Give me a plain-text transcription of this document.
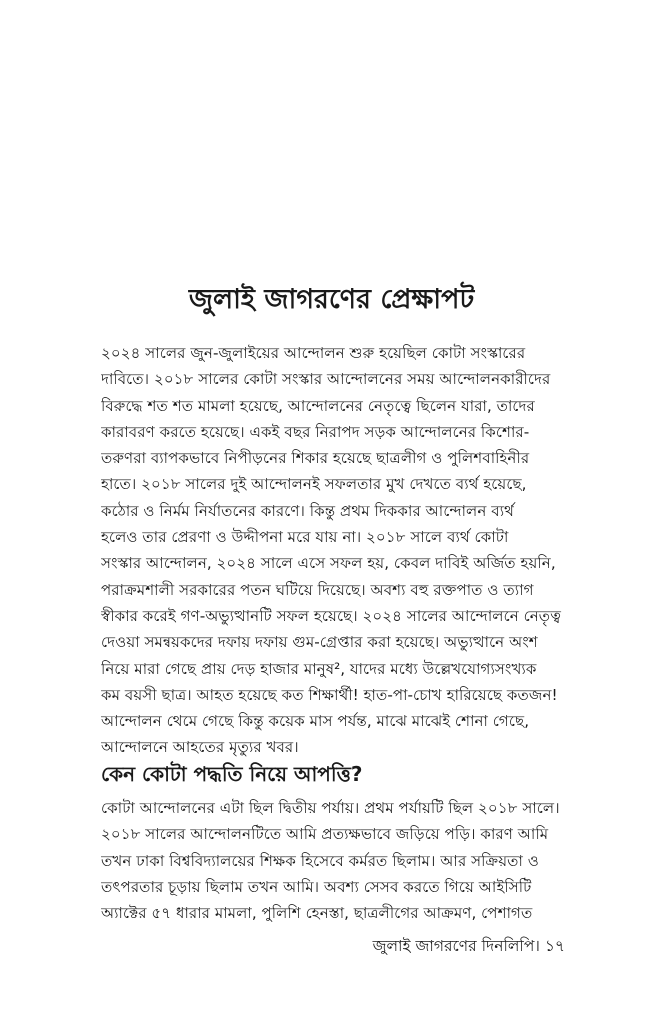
জুলাই জাগরণের প্রেক্ষাপট
২০২৪ সালের জুন-জুলাইয়ের আন্দোলন শুরু হয়েছিল কোটা সংস্কারের
দাবিতে। ২০১৮ সালের কোটা সংস্কার আন্দোলনের সময় আন্দোলনকারীদের
বিরুদ্ধে শত শত মামলা হয়েছে, আন্দোলনের নেতৃত্বে ছিলেন যারা, তাদের
কারাবরণ করতে হয়েছে। একই বছর নিরাপদ সড়ক আন্দোলনের কিশোর-
তরুণরা ব্যাপকভাবে নিপীড়নের শিকার হয়েছে ছাত্রলীগ ও পুলিশবাহিনীর
হাতে। ২০১৮ সালের দুই আন্দোলনই সফলতার মুখ দেখতে ব্যর্থ হয়েছে,
কঠোর ও নির্মম নির্যাতনের কারণে। কিন্তু প্রথম দিককার আন্দোলন ব্যর্থ
হলেও তার প্রেরণা ও উদ্দীপনা মরে যায় না। ২০১৮ সালে ব্যর্থ কোটা
সংস্কার আন্দোলন, ২০২৪ সালে এসে সফল হয়, কেবল দাবিই অর্জিত হয়নি,
পরাক্রমশালী সরকারের পতন ঘটিয়ে দিয়েছে। অবশ্য বহু রক্তপাত ও ত্যাগ
স্বীকার করেই গণ-অভ্যুত্থানটি সফল হয়েছে। ২০২৪ সালের আন্দোলনে নেতৃত্ব
দেওয়া সমন্বয়কদের দফায় দফায় গুম-গ্রেপ্তার করা হয়েছে। অভ্যুত্থানে অংশ
নিয়ে মারা গেছে প্রায় দেড় হাজার মানুষ², যাদের মধ্যে উল্লেখযোগ্যসংখ্যক
কম বয়সী ছাত্র। আহত হয়েছে কত শিক্ষার্থী! হাত-পা-চোখ হারিয়েছে কতজন!
আন্দোলন থেমে গেছে কিন্তু কয়েক মাস পর্যন্ত, মাঝে মাঝেই শোনা গেছে,
আন্দোলনে আহতের মৃত্যুর খবর।
কেন কোটা পদ্ধতি নিয়ে আপত্তি?
কোটা আন্দোলনের এটা ছিল দ্বিতীয় পর্যায়। প্রথম পর্যায়টি ছিল ২০১৮ সালে।
২০১৮ সালের আন্দোলনটিতে আমি প্রত্যক্ষভাবে জড়িয়ে পড়ি। কারণ আমি
তখন ঢাকা বিশ্ববিদ্যালয়ের শিক্ষক হিসেবে কর্মরত ছিলাম। আর সক্রিয়তা ও
তৎপরতার চূড়ায় ছিলাম তখন আমি। অবশ্য সেসব করতে গিয়ে আইসিটি
অ্যাক্টের ৫৭ ধারার মামলা, পুলিশি হেনস্তা, ছাত্রলীগের আক্রমণ, পেশাগত
জুলাই জাগরণের দিনলিপি। ১৭
